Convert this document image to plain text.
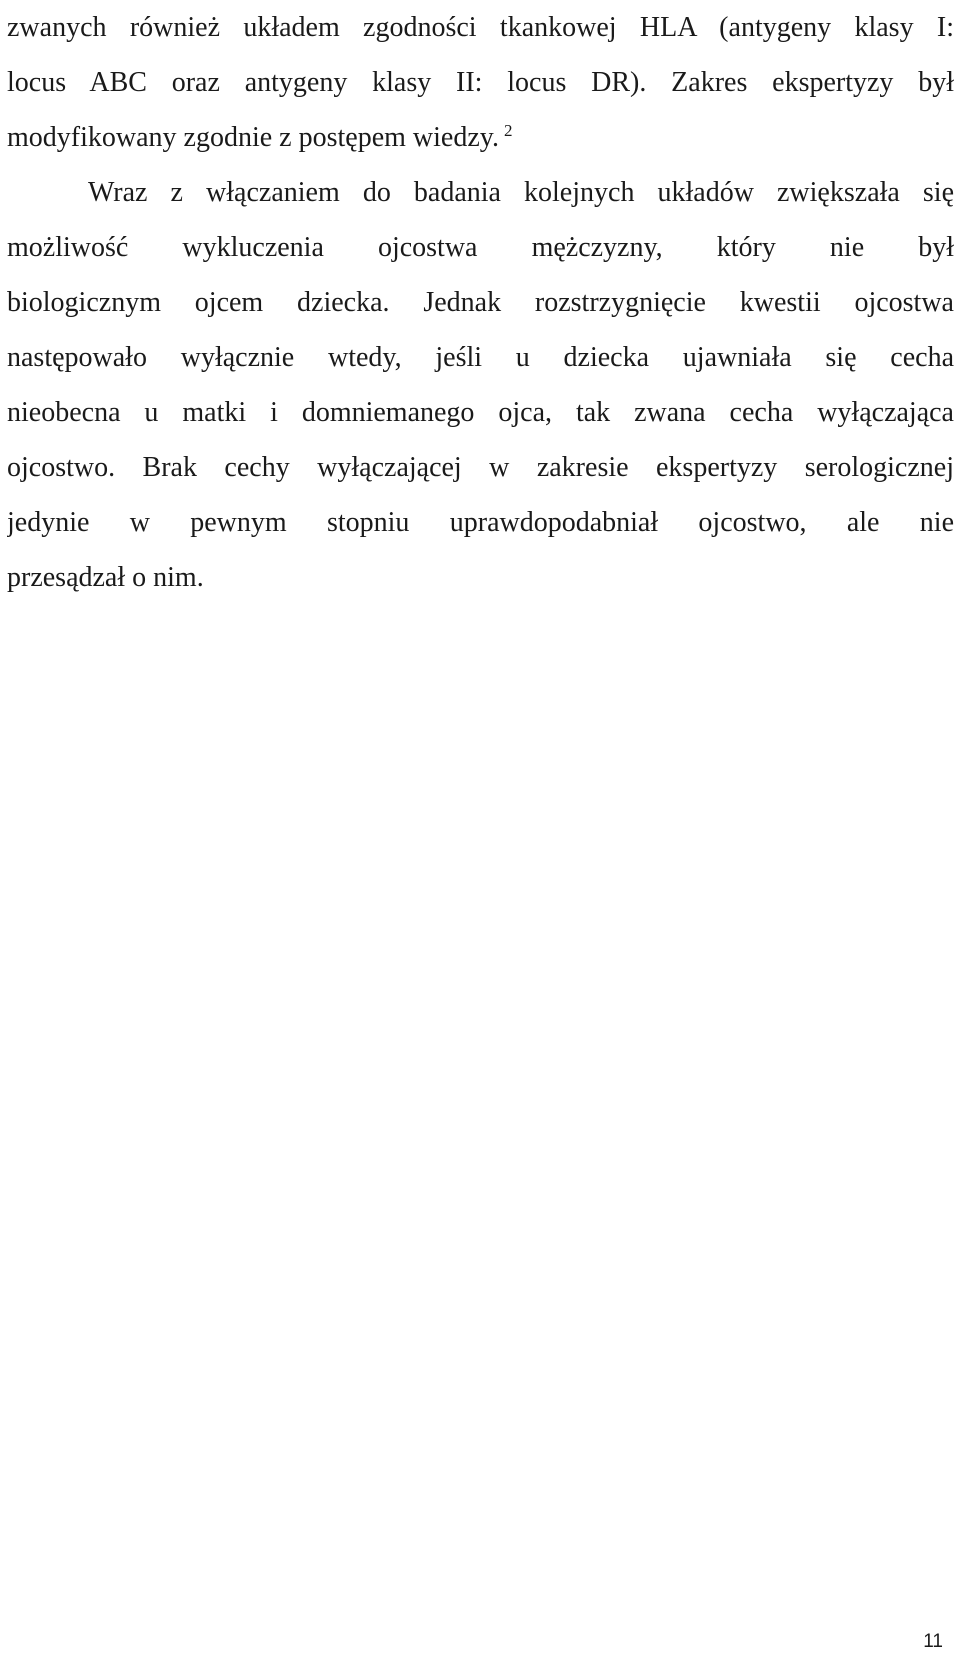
zwanych również układem zgodności tkankowej HLA (antygeny klasy I:
locus ABC oraz antygeny klasy II: locus DR). Zakres ekspertyzy był
modyfikowany zgodnie z postępem wiedzy. $^2$
Wraz z włączaniem do badania kolejnych układów zwiększała się
możliwość wykluczenia ojcostwa mężczyzny, który nie był
biologicznym ojcem dziecka. Jednak rozstrzygnięcie kwestii ojcostwa
następowało wyłącznie wtedy, jeśli u dziecka ujawniała się cecha
nieobecna u matki i domniemanego ojca, tak zwana cecha wyłączająca
ojcostwo. Brak cechy wyłączającej w zakresie ekspertyzy serologicznej
jedynie w pewnym stopniu uprawdopodabniał ojcostwo, ale nie
przesądzał o nim.
11
